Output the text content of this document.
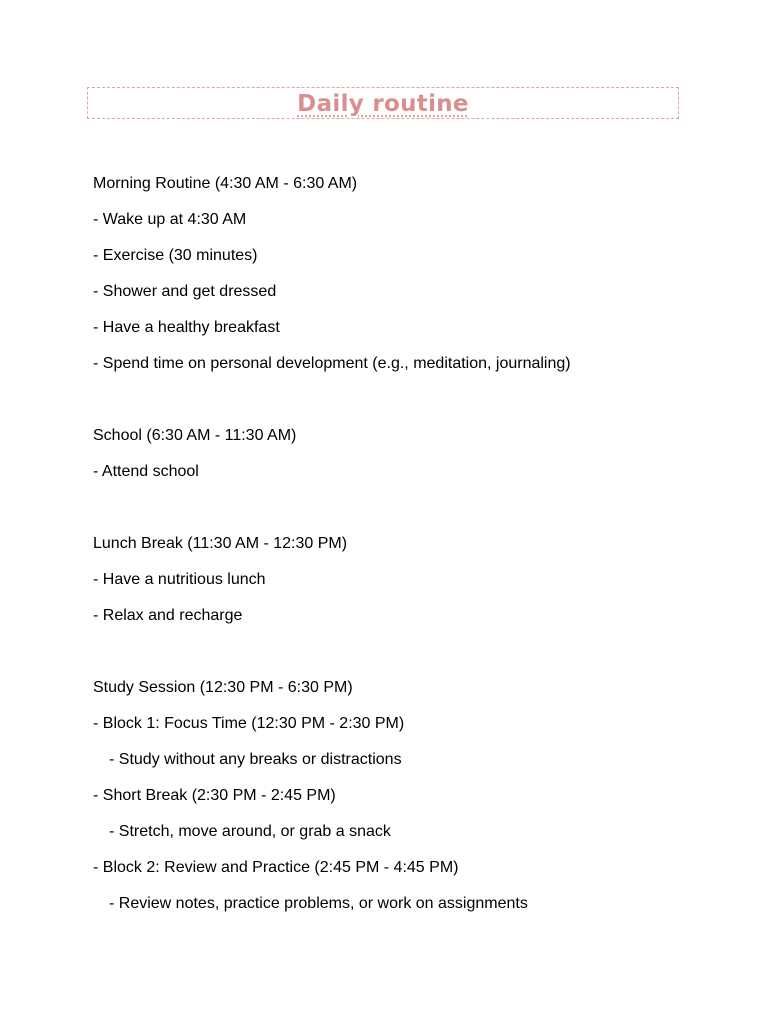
Daily routine
Morning Routine (4:30 AM - 6:30 AM)
- Wake up at 4:30 AM
- Exercise (30 minutes)
- Shower and get dressed
- Have a healthy breakfast
- Spend time on personal development (e.g., meditation, journaling)
School (6:30 AM - 11:30 AM)
- Attend school
Lunch Break (11:30 AM - 12:30 PM)
- Have a nutritious lunch
- Relax and recharge
Study Session (12:30 PM - 6:30 PM)
- Block 1: Focus Time (12:30 PM - 2:30 PM)
- Study without any breaks or distractions
- Short Break (2:30 PM - 2:45 PM)
- Stretch, move around, or grab a snack
- Block 2: Review and Practice (2:45 PM - 4:45 PM)
- Review notes, practice problems, or work on assignments
